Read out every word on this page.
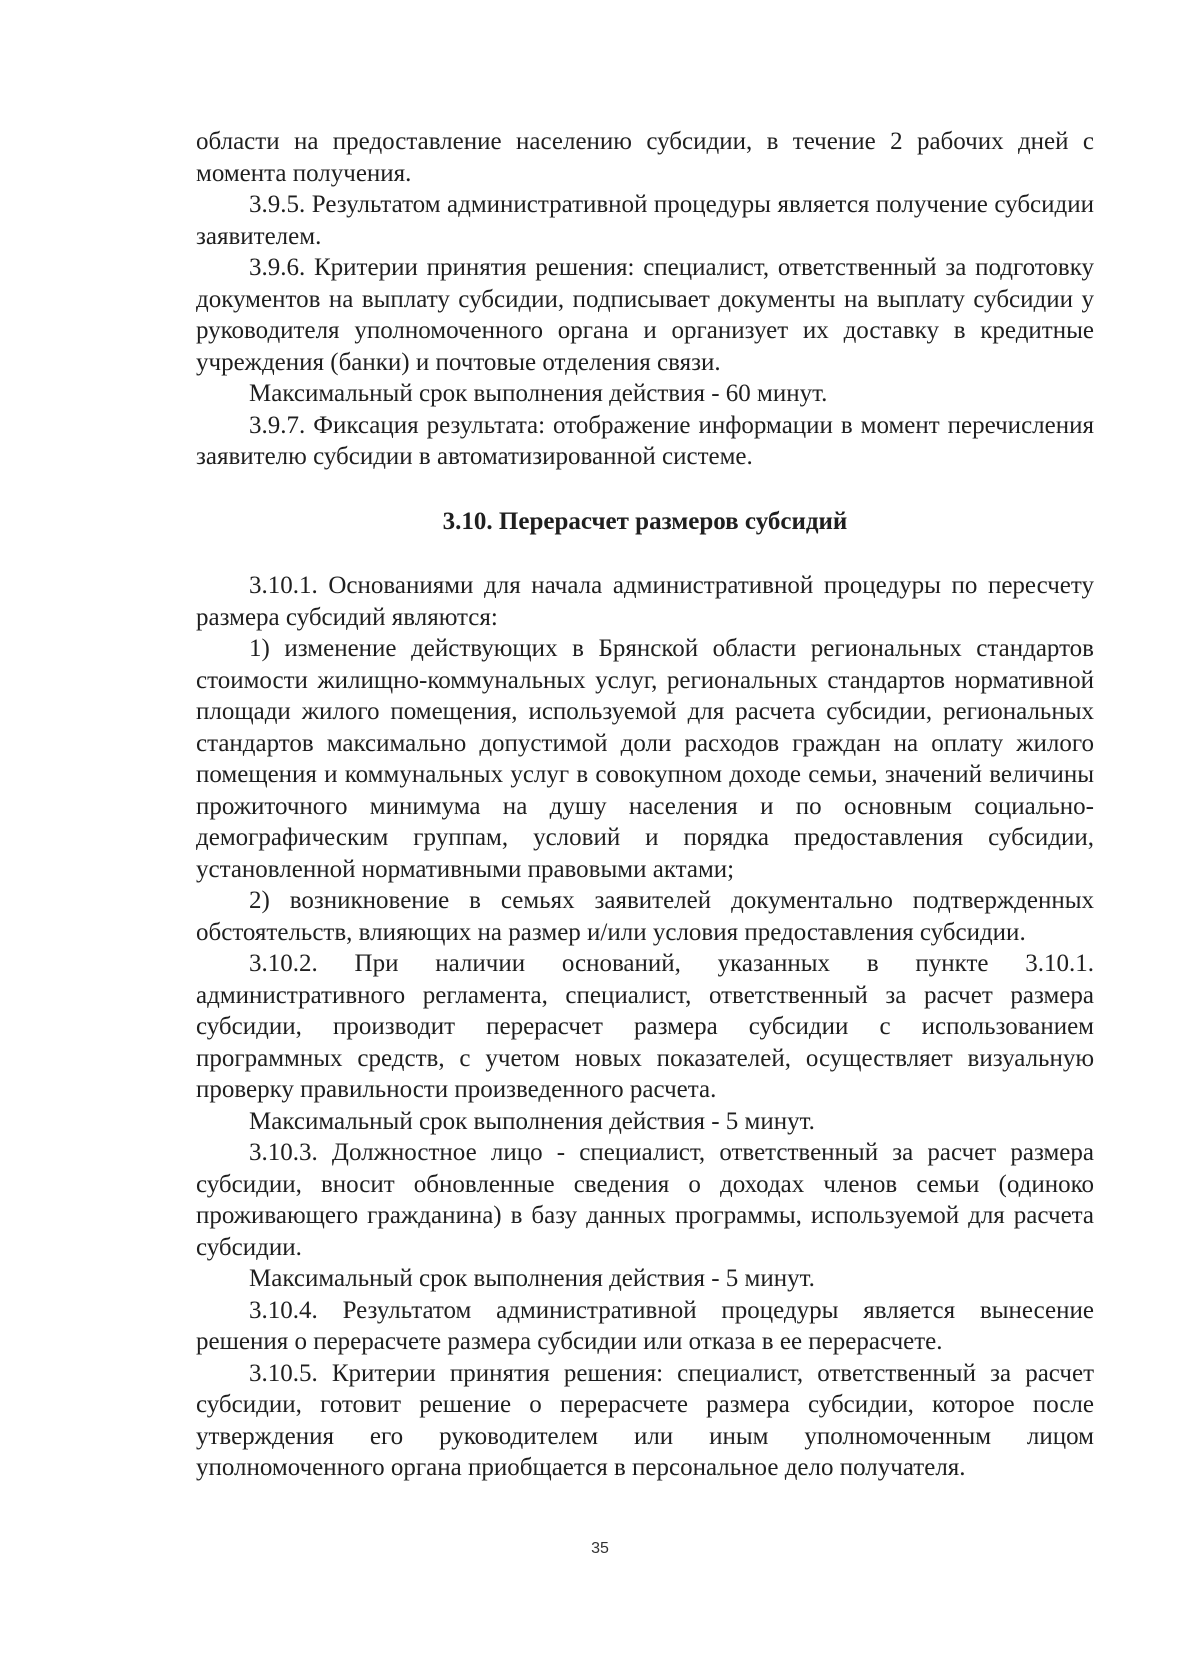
области на предоставление населению субсидии, в течение 2 рабочих дней с момента получения.

3.9.5. Результатом административной процедуры является получение субсидии заявителем.

3.9.6. Критерии принятия решения: специалист, ответственный за подготовку документов на выплату субсидии, подписывает документы на выплату субсидии у руководителя уполномоченного органа и организует их доставку в кредитные учреждения (банки) и почтовые отделения связи.

Максимальный срок выполнения действия - 60 минут.

3.9.7. Фиксация результата: отображение информации в момент перечисления заявителю субсидии в автоматизированной системе.

3.10. Перерасчет размеров субсидий

3.10.1. Основаниями для начала административной процедуры по пересчету размера субсидий являются:

1) изменение действующих в Брянской области региональных стандартов стоимости жилищно-коммунальных услуг, региональных стандартов нормативной площади жилого помещения, используемой для расчета субсидии, региональных стандартов максимально допустимой доли расходов граждан на оплату жилого помещения и коммунальных услуг в совокупном доходе семьи, значений величины прожиточного минимума на душу населения и по основным социально-демографическим группам, условий и порядка предоставления субсидии, установленной нормативными правовыми актами;

2) возникновение в семьях заявителей документально подтвержденных обстоятельств, влияющих на размер и/или условия предоставления субсидии.

3.10.2. При наличии оснований, указанных в пункте 3.10.1. административного регламента, специалист, ответственный за расчет размера субсидии, производит перерасчет размера субсидии с использованием программных средств, с учетом новых показателей, осуществляет визуальную проверку правильности произведенного расчета.

Максимальный срок выполнения действия - 5 минут.

3.10.3. Должностное лицо - специалист, ответственный за расчет размера субсидии, вносит обновленные сведения о доходах членов семьи (одиноко проживающего гражданина) в базу данных программы, используемой для расчета субсидии.

Максимальный срок выполнения действия - 5 минут.

3.10.4. Результатом административной процедуры является вынесение решения о перерасчете размера субсидии или отказа в ее перерасчете.

3.10.5. Критерии принятия решения: специалист, ответственный за расчет субсидии, готовит решение о перерасчете размера субсидии, которое после утверждения его руководителем или иным уполномоченным лицом уполномоченного органа приобщается в персональное дело получателя.

35
